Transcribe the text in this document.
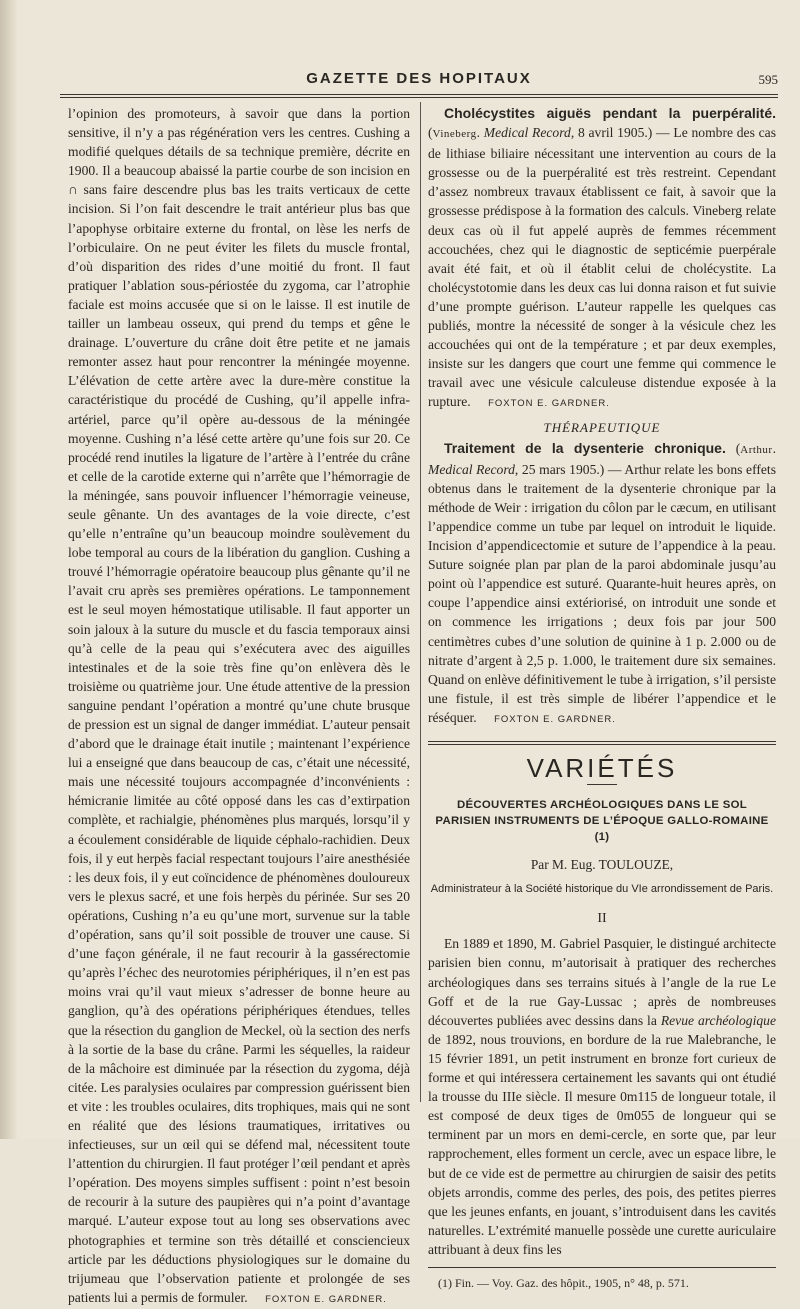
GAZETTE DES HOPITAUX	595

l’opinion des promoteurs, à savoir que dans la portion sensitive, il n’y a pas régénération vers les centres. Cushing a modifié quelques détails de sa technique première, décrite en 1900. Il a beaucoup abaissé la partie courbe de son incision en ∩ sans faire descendre plus bas les traits verticaux de cette incision. Si l’on fait descendre le trait antérieur plus bas que l’apophyse orbitaire externe du frontal, on lèse les nerfs de l’orbiculaire. On ne peut éviter les filets du muscle frontal, d’où disparition des rides d’une moitié du front. Il faut pratiquer l’ablation sous-périostée du zygoma, car l’atrophie faciale est moins accusée que si on le laisse. Il est inutile de tailler un lambeau osseux, qui prend du temps et gêne le drainage. L’ouverture du crâne doit être petite et ne jamais remonter assez haut pour rencontrer la méningée moyenne. L’élévation de cette artère avec la dure-mère constitue la caractéristique du procédé de Cushing, qu’il appelle infra-artériel, parce qu’il opère au-dessous de la méningée moyenne. Cushing n’a lésé cette artère qu’une fois sur 20. Ce procédé rend inutiles la ligature de l’artère à l’entrée du crâne et celle de la carotide externe qui n’arrête que l’hémorragie de la méningée, sans pouvoir influencer l’hémorragie veineuse, seule gênante. Un des avantages de la voie directe, c’est qu’elle n’entraîne qu’un beaucoup moindre soulèvement du lobe temporal au cours de la libération du ganglion. Cushing a trouvé l’hémorragie opératoire beaucoup plus gênante qu’il ne l’avait cru après ses premières opérations. Le tamponnement est le seul moyen hémostatique utilisable. Il faut apporter un soin jaloux à la suture du muscle et du fascia temporaux ainsi qu’à celle de la peau qui s’exécutera avec des aiguilles intestinales et de la soie très fine qu’on enlèvera dès le troisième ou quatrième jour. Une étude attentive de la pression sanguine pendant l’opération a montré qu’une chute brusque de pression est un signal de danger immédiat. L’auteur pensait d’abord que le drainage était inutile ; maintenant l’expérience lui a enseigné que dans beaucoup de cas, c’était une nécessité, mais une nécessité toujours accompagnée d’inconvénients : hémicranie limitée au côté opposé dans les cas d’extirpation complète, et rachialgie, phénomènes plus marqués, lorsqu’il y a écoulement considérable de liquide céphalo-rachidien. Deux fois, il y eut herpès facial respectant toujours l’aire anesthésiée : les deux fois, il y eut coïncidence de phénomènes douloureux vers le plexus sacré, et une fois herpès du périnée. Sur ses 20 opérations, Cushing n’a eu qu’une mort, survenue sur la table d’opération, sans qu’il soit possible de trouver une cause. Si d’une façon générale, il ne faut recourir à la gassérectomie qu’après l’échec des neurotomies périphériques, il n’en est pas moins vrai qu’il vaut mieux s’adresser de bonne heure au ganglion, qu’à des opérations périphériques étendues, telles que la résection du ganglion de Meckel, où la section des nerfs à la sortie de la base du crâne. Parmi les séquelles, la raideur de la mâchoire est diminuée par la résection du zygoma, déjà citée. Les paralysies oculaires par compression guérissent bien et vite : les troubles oculaires, dits trophiques, mais qui ne sont en réalité que des lésions traumatiques, irritatives ou infectieuses, sur un œil qui se défend mal, nécessitent toute l’attention du chirurgien. Il faut protéger l’œil pendant et après l’opération. Des moyens simples suffisent : point n’est besoin de recourir à la suture des paupières qui n’a point d’avantage marqué. L’auteur expose tout au long ses observations avec photographies et termine son très détaillé et consciencieux article par les déductions physiologiques sur le domaine du trijumeau que l’observation patiente et prolongée de ses patients lui a permis de formuler. FOXTON E. GARDNER.

Cholécystites aiguës pendant la puerpéralité. (Vineberg. Medical Record, 8 avril 1905.) — Le nombre des cas de lithiase biliaire nécessitant une intervention au cours de la grossesse ou de la puerpéralité est très restreint. Cependant d’assez nombreux travaux établissent ce fait, à savoir que la grossesse prédispose à la formation des calculs. Vineberg relate deux cas où il fut appelé auprès de femmes récemment accouchées, chez qui le diagnostic de septicémie puerpérale avait été fait, et où il établit celui de cholécystite. La cholécystotomie dans les deux cas lui donna raison et fut suivie d’une prompte guérison. L’auteur rappelle les quelques cas publiés, montre la nécessité de songer à la vésicule chez les accouchées qui ont de la température ; et par deux exemples, insiste sur les dangers que court une femme qui commence le travail avec une vésicule calculeuse distendue exposée à la rupture. FOXTON E. GARDNER.

THÉRAPEUTIQUE

Traitement de la dysenterie chronique. (Arthur. Medical Record, 25 mars 1905.) — Arthur relate les bons effets obtenus dans le traitement de la dysenterie chronique par la méthode de Weir : irrigation du côlon par le cæcum, en utilisant l’appendice comme un tube par lequel on introduit le liquide. Incision d’appendicectomie et suture de l’appendice à la peau. Suture soignée plan par plan de la paroi abdominale jusqu’au point où l’appendice est suturé. Quarante-huit heures après, on coupe l’appendice ainsi extériorisé, on introduit une sonde et on commence les irrigations ; deux fois par jour 500 centimètres cubes d’une solution de quinine à 1 p. 2.000 ou de nitrate d’argent à 2,5 p. 1.000, le traitement dure six semaines. Quand on enlève définitivement le tube à irrigation, s’il persiste une fistule, il est très simple de libérer l’appendice et le réséquer. FOXTON E. GARDNER.

VARIÉTÉS
DÉCOUVERTES ARCHÉOLOGIQUES DANS LE SOL PARISIEN INSTRUMENTS DE L’ÉPOQUE GALLO-ROMAINE (1)
Par M. Eug. TOULOUZE,
Administrateur à la Société historique du VIe arrondissement de Paris.
II

En 1889 et 1890, M. Gabriel Pasquier, le distingué architecte parisien bien connu, m’autorisait à pratiquer des recherches archéologiques dans ses terrains situés à l’angle de la rue Le Goff et de la rue Gay-Lussac ; après de nombreuses découvertes publiées avec dessins dans la Revue archéologique de 1892, nous trouvions, en bordure de la rue Malebranche, le 15 février 1891, un petit instrument en bronze fort curieux de forme et qui intéressera certainement les savants qui ont étudié la trousse du IIIe siècle. Il mesure 0m115 de longueur totale, il est composé de deux tiges de 0m055 de longueur qui se terminent par un mors en demi-cercle, en sorte que, par leur rapprochement, elles forment un cercle, avec un espace libre, le but de ce vide est de permettre au chirurgien de saisir des petits objets arrondis, comme des perles, des pois, des petites pierres que les jeunes enfants, en jouant, s’introduisent dans les cavités naturelles. L’extrémité manuelle possède une curette auriculaire attribuant à deux fins les

(1) Fin. — Voy. Gaz. des hôpit., 1905, n° 48, p. 571.
